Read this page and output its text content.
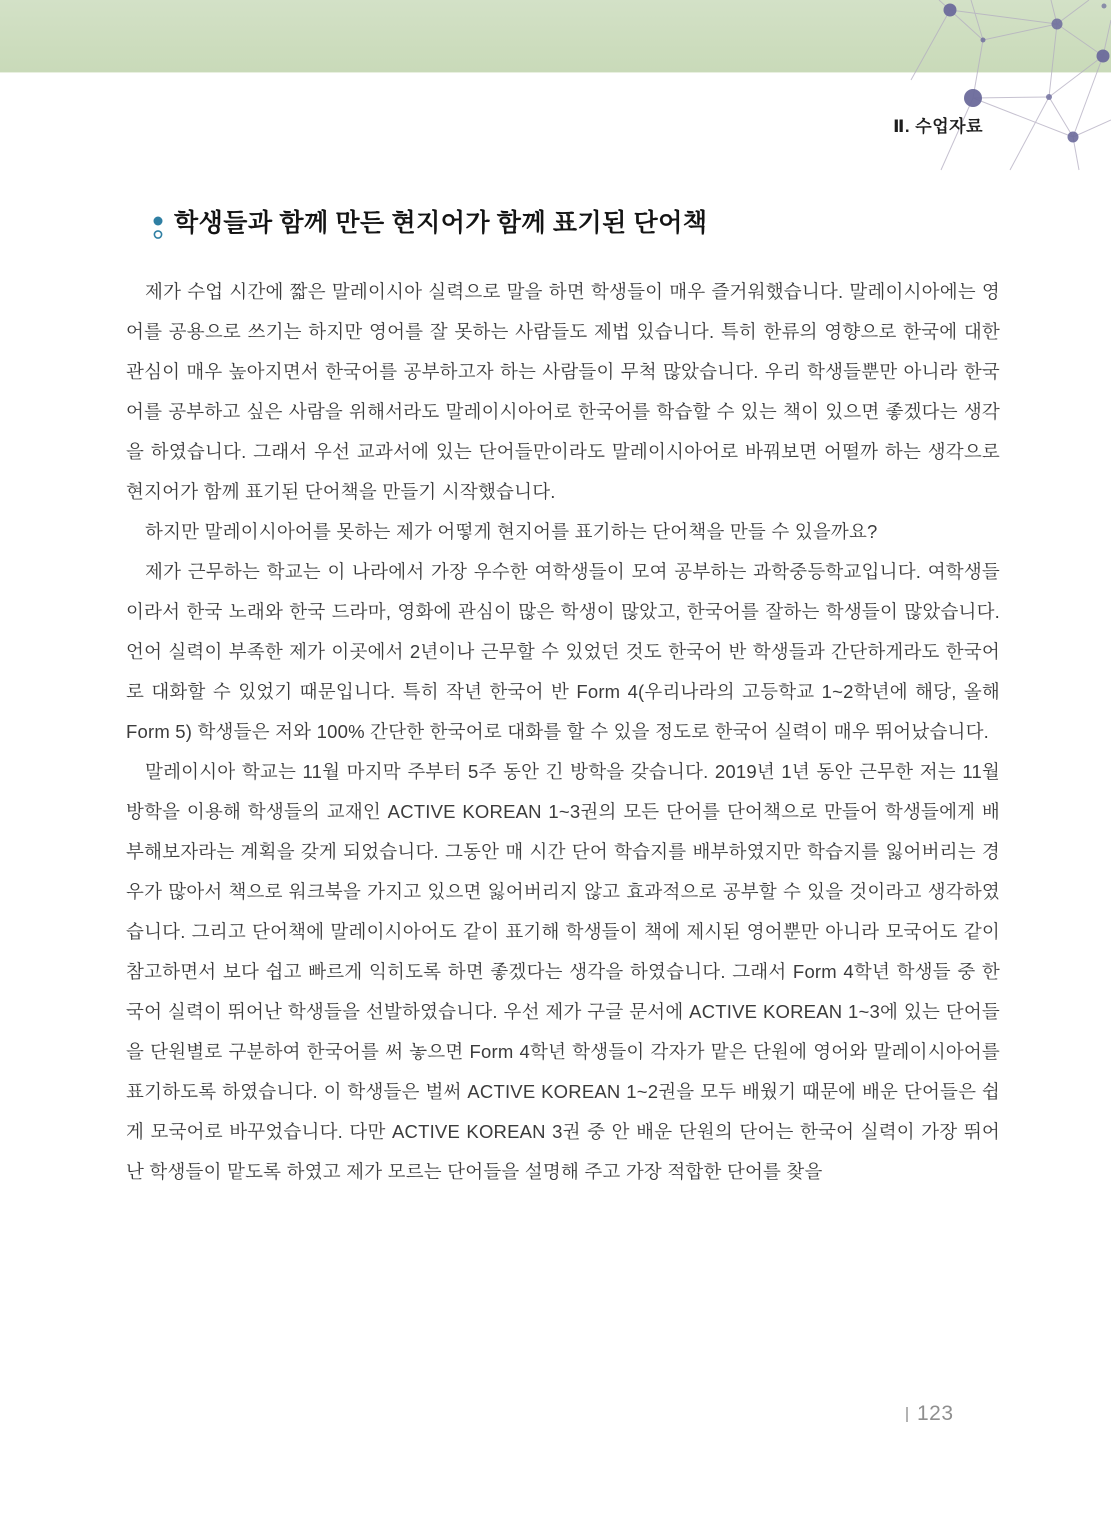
Ⅱ. 수업자료
학생들과 함께 만든 현지어가 함께 표기된 단어책

제가 수업 시간에 짧은 말레이시아 실력으로 말을 하면 학생들이 매우 즐거워했습니다. 말레이시아에는 영어를 공용으로 쓰기는 하지만 영어를 잘 못하는 사람들도 제법 있습니다. 특히 한류의 영향으로 한국에 대한 관심이 매우 높아지면서 한국어를 공부하고자 하는 사람들이 무척 많았습니다. 우리 학생들뿐만 아니라 한국어를 공부하고 싶은 사람을 위해서라도 말레이시아어로 한국어를 학습할 수 있는 책이 있으면 좋겠다는 생각을 하였습니다. 그래서 우선 교과서에 있는 단어들만이라도 말레이시아어로 바꿔보면 어떨까 하는 생각으로 현지어가 함께 표기된 단어책을 만들기 시작했습니다.

하지만 말레이시아어를 못하는 제가 어떻게 현지어를 표기하는 단어책을 만들 수 있을까요?

제가 근무하는 학교는 이 나라에서 가장 우수한 여학생들이 모여 공부하는 과학중등학교입니다. 여학생들이라서 한국 노래와 한국 드라마, 영화에 관심이 많은 학생이 많았고, 한국어를 잘하는 학생들이 많았습니다. 언어 실력이 부족한 제가 이곳에서 2년이나 근무할 수 있었던 것도 한국어 반 학생들과 간단하게라도 한국어로 대화할 수 있었기 때문입니다. 특히 작년 한국어 반 Form 4(우리나라의 고등학교 1~2학년에 해당, 올해 Form 5) 학생들은 저와 100% 간단한 한국어로 대화를 할 수 있을 정도로 한국어 실력이 매우 뛰어났습니다.

말레이시아 학교는 11월 마지막 주부터 5주 동안 긴 방학을 갖습니다. 2019년 1년 동안 근무한 저는 11월 방학을 이용해 학생들의 교재인 ACTIVE KOREAN 1~3권의 모든 단어를 단어책으로 만들어 학생들에게 배부해보자라는 계획을 갖게 되었습니다. 그동안 매 시간 단어 학습지를 배부하였지만 학습지를 잃어버리는 경우가 많아서 책으로 워크북을 가지고 있으면 잃어버리지 않고 효과적으로 공부할 수 있을 것이라고 생각하였습니다. 그리고 단어책에 말레이시아어도 같이 표기해 학생들이 책에 제시된 영어뿐만 아니라 모국어도 같이 참고하면서 보다 쉽고 빠르게 익히도록 하면 좋겠다는 생각을 하였습니다. 그래서 Form 4학년 학생들 중 한국어 실력이 뛰어난 학생들을 선발하였습니다. 우선 제가 구글 문서에 ACTIVE KOREAN 1~3에 있는 단어들을 단원별로 구분하여 한국어를 써 놓으면 Form 4학년 학생들이 각자가 맡은 단원에 영어와 말레이시아어를 표기하도록 하였습니다. 이 학생들은 벌써 ACTIVE KOREAN 1~2권을 모두 배웠기 때문에 배운 단어들은 쉽게 모국어로 바꾸었습니다. 다만 ACTIVE KOREAN 3권 중 안 배운 단원의 단어는 한국어 실력이 가장 뛰어난 학생들이 맡도록 하였고 제가 모르는 단어들을 설명해 주고 가장 적합한 단어를 찾을

123
